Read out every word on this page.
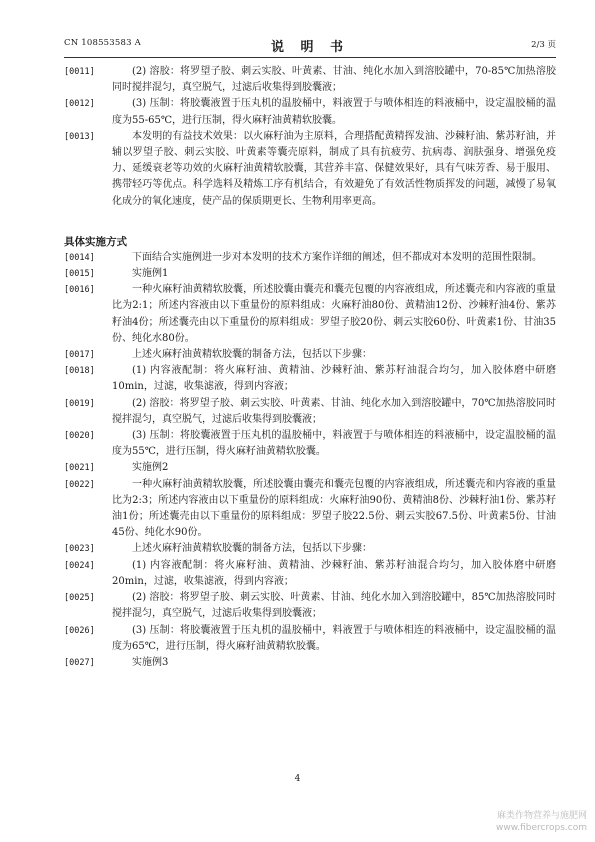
CN 108553583 A	说 明 书	2/3 页

[0011]	(2) 溶胶：将罗望子胶、刺云实胶、叶黄素、甘油、纯化水加入到溶胶罐中，70-85℃加热溶胶同时搅拌混匀，真空脱气，过滤后收集得到胶囊液；

[0012]	(3) 压制：将胶囊液置于压丸机的温胶桶中，料液置于与喷体相连的料液桶中，设定温胶桶的温度为55-65℃，进行压制，得火麻籽油黄精软胶囊。

[0013]	本发明的有益技术效果：以火麻籽油为主原料，合理搭配黄精挥发油、沙棘籽油、紫苏籽油，并辅以罗望子胶、刺云实胶、叶黄素等囊壳原料，制成了具有抗疲劳、抗病毒、润肤强身、增强免疫力、延缓衰老等功效的火麻籽油黄精软胶囊，其营养丰富、保健效果好，具有气味芳香、易于服用、携带轻巧等优点。科学选料及精炼工序有机结合，有效避免了有效活性物质挥发的问题，减慢了易氧化成分的氧化速度，使产品的保质期更长、生物利用率更高。

具体实施方式

[0014]	下面结合实施例进一步对本发明的技术方案作详细的阐述，但不都成对本发明的范围性限制。

[0015]	实施例1

[0016]	一种火麻籽油黄精软胶囊，所述胶囊由囊壳和囊壳包覆的内容液组成，所述囊壳和内容液的重量比为2:1；所述内容液由以下重量份的原料组成：火麻籽油80份、黄精油12份、沙棘籽油4份、紫苏籽油4份；所述囊壳由以下重量份的原料组成：罗望子胶20份、刺云实胶60份、叶黄素1份、甘油35份、纯化水80份。

[0017]	上述火麻籽油黄精软胶囊的制备方法，包括以下步骤：

[0018]	(1) 内容液配制：将火麻籽油、黄精油、沙棘籽油、紫苏籽油混合均匀，加入胶体磨中研磨10min，过滤，收集滤液，得到内容液；

[0019]	(2) 溶胶：将罗望子胶、刺云实胶、叶黄素、甘油、纯化水加入到溶胶罐中，70℃加热溶胶同时搅拌混匀，真空脱气，过滤后收集得到胶囊液；

[0020]	(3) 压制：将胶囊液置于压丸机的温胶桶中，料液置于与喷体相连的料液桶中，设定温胶桶的温度为55℃，进行压制，得火麻籽油黄精软胶囊。

[0021]	实施例2

[0022]	一种火麻籽油黄精软胶囊，所述胶囊由囊壳和囊壳包覆的内容液组成，所述囊壳和内容液的重量比为2:3；所述内容液由以下重量份的原料组成：火麻籽油90份、黄精油8份、沙棘籽油1份、紫苏籽油1份；所述囊壳由以下重量份的原料组成：罗望子胶22.5份、刺云实胶67.5份、叶黄素5份、甘油45份、纯化水90份。

[0023]	上述火麻籽油黄精软胶囊的制备方法，包括以下步骤：

[0024]	(1) 内容液配制：将火麻籽油、黄精油、沙棘籽油、紫苏籽油混合均匀，加入胶体磨中研磨20min，过滤，收集滤液，得到内容液；

[0025]	(2) 溶胶：将罗望子胶、刺云实胶、叶黄素、甘油、纯化水加入到溶胶罐中，85℃加热溶胶同时搅拌混匀，真空脱气，过滤后收集得到胶囊液；

[0026]	(3) 压制：将胶囊液置于压丸机的温胶桶中，料液置于与喷体相连的料液桶中，设定温胶桶的温度为65℃，进行压制，得火麻籽油黄精软胶囊。

[0027]	实施例3

4
麻类作物营养与施肥网
www.fibercrops.com
